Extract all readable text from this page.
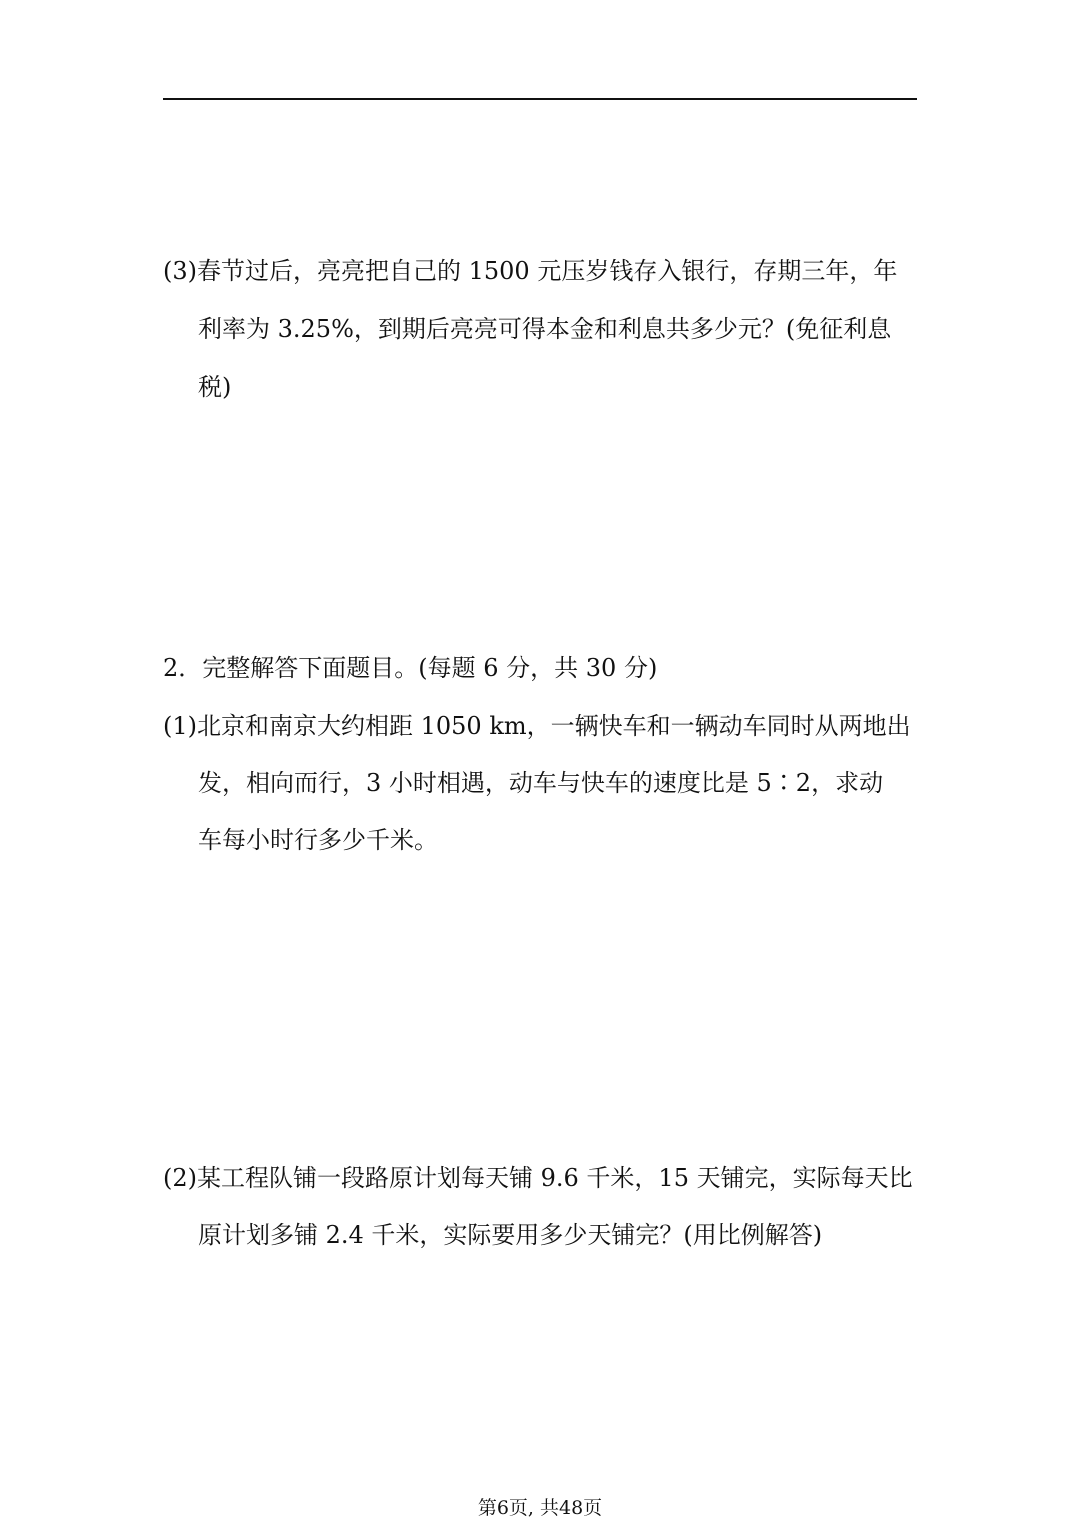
(3)春节过后，亮亮把自己的 1500 元压岁钱存入银行，存期三年，年
利率为 3.25%，到期后亮亮可得本金和利息共多少元？(免征利息
税)
2．完整解答下面题目。(每题 6 分，共 30 分)
(1)北京和南京大约相距 1050 km，一辆快车和一辆动车同时从两地出
发，相向而行，3 小时相遇，动车与快车的速度比是 5∶2，求动
车每小时行多少千米。
(2)某工程队铺一段路原计划每天铺 9.6 千米，15 天铺完，实际每天比
原计划多铺 2.4 千米，实际要用多少天铺完？(用比例解答)
第6页, 共48页
